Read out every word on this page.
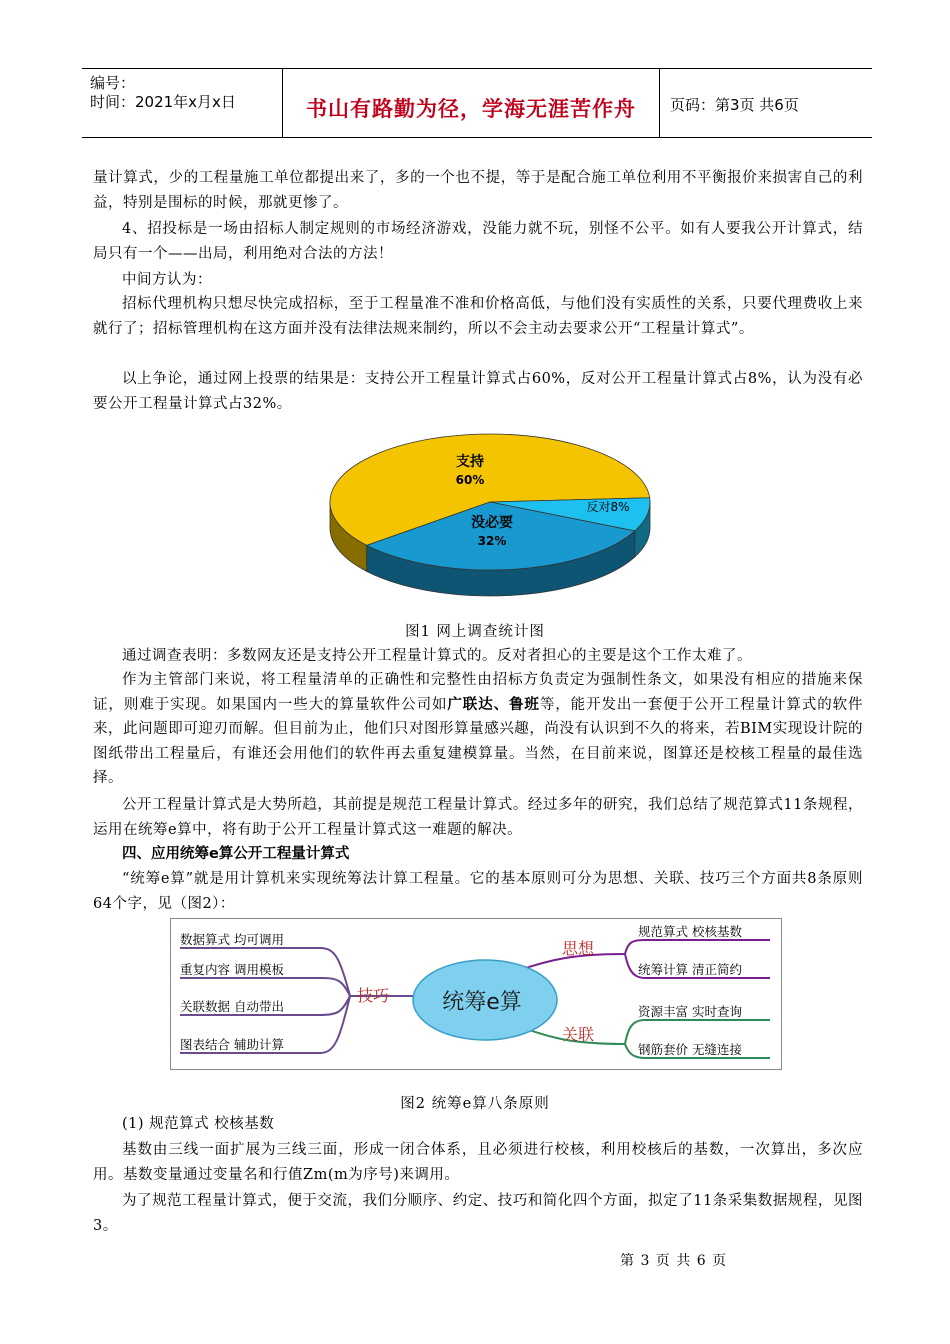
编号：
时间：2021年x月x日	书山有路勤为径，学海无涯苦作舟	页码：第3页 共6页
量计算式，少的工程量施工单位都提出来了，多的一个也不提，等于是配合施工单位利用不平衡报价来损害自己的利益，特别是围标的时候，那就更惨了。
4、招投标是一场由招标人制定规则的市场经济游戏，没能力就不玩，别怪不公平。如有人要我公开计算式，结局只有一个——出局，利用绝对合法的方法！
中间方认为：
招标代理机构只想尽快完成招标，至于工程量准不准和价格高低，与他们没有实质性的关系，只要代理费收上来就行了；招标管理机构在这方面并没有法律法规来制约，所以不会主动去要求公开“工程量计算式”。
以上争论，通过网上投票的结果是：支持公开工程量计算式占60%，反对公开工程量计算式占8%，认为没有必要公开工程量计算式占32%。
支持
60%
反对8%
没必要
32%
图1 网上调查统计图
通过调查表明：多数网友还是支持公开工程量计算式的。反对者担心的主要是这个工作太难了。
作为主管部门来说，将工程量清单的正确性和完整性由招标方负责定为强制性条文，如果没有相应的措施来保证，则难于实现。如果国内一些大的算量软件公司如广联达、鲁班等，能开发出一套便于公开工程量计算式的软件来，此问题即可迎刃而解。但目前为止，他们只对图形算量感兴趣，尚没有认识到不久的将来，若BIM实现设计院的图纸带出工程量后，有谁还会用他们的软件再去重复建模算量。当然，在目前来说，图算还是校核工程量的最佳选择。
公开工程量计算式是大势所趋，其前提是规范工程量计算式。经过多年的研究，我们总结了规范算式11条规程，运用在统筹e算中，将有助于公开工程量计算式这一难题的解决。
四、应用统筹e算公开工程量计算式
“统筹e算”就是用计算机来实现统筹法计算工程量。它的基本原则可分为思想、关联、技巧三个方面共8条原则64个字，见（图2）：
统筹e算
技巧
思想
关联
数据算式 均可调用
重复内容 调用模板
关联数据 自动带出
图表结合 辅助计算
规范算式 校核基数
统筹计算 清正简约
资源丰富 实时查询
钢筋套价 无缝连接
图2 统筹e算八条原则
(1) 规范算式 校核基数
基数由三线一面扩展为三线三面，形成一闭合体系，且必须进行校核，利用校核后的基数，一次算出，多次应用。基数变量通过变量名和行值Zm(m为序号)来调用。
为了规范工程量计算式，便于交流，我们分顺序、约定、技巧和简化四个方面，拟定了11条采集数据规程，见图3。
第 3 页 共 6 页
